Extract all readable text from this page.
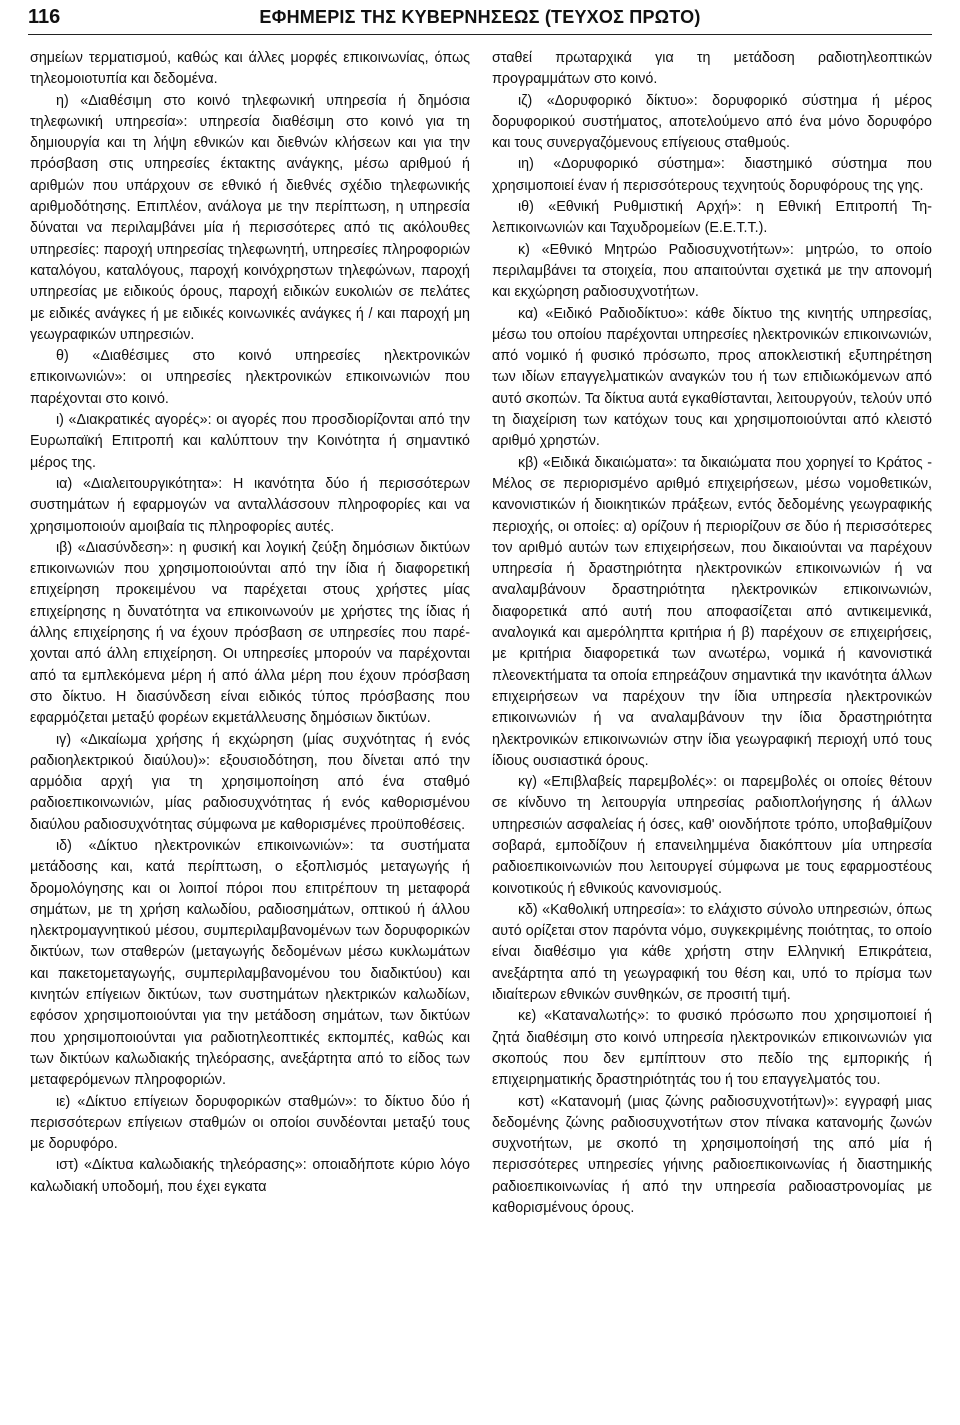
116	ΕΦΗΜΕΡΙΣ ΤΗΣ ΚΥΒΕΡΝΗΣΕΩΣ (ΤΕΥΧΟΣ ΠΡΩΤΟ)

σημείων τερματισμού, καθώς και άλλες μορφές επικοινωνίας, όπως τηλεομοιοτυπία και δεδομένα.

η) «Διαθέσιμη στο κοινό τηλεφωνική υπηρεσία ή δημόσια τηλεφωνική υπηρεσία»: υπηρεσία διαθέσιμη στο κοινό για τη δημιουργία και τη λήψη εθνικών και διεθνών κλήσεων και για την πρόσβαση στις υπηρεσίες έκτακτης ανάγκης, μέσω αριθμού ή αριθμών που υπάρχουν σε εθνικό ή διεθνές σχέδιο τηλεφωνικής αριθμοδότησης. Επιπλέον, ανάλογα με την περίπτωση, η υπηρεσία δύναται να περιλαμβάνει μία ή περισσότερες από τις ακόλουθες υπηρεσίες: παροχή υπηρεσίας τηλεφωνητή, υπηρεσίες πληροφοριών καταλόγου, καταλόγους, παροχή κοινόχρηστων τηλεφώνων, παροχή υπηρεσίας με ειδικούς όρους, παροχή ειδικών ευκολιών σε πελάτες με ειδικές ανάγκες ή με ειδικές κοινωνικές ανάγκες ή / και παροχή μη γεωγραφικών υπηρεσιών.

θ) «Διαθέσιμες στο κοινό υπηρεσίες ηλεκτρονικών επικοινωνιών»: οι υπηρεσίες ηλεκτρονικών επικοινωνιών που παρέχονται στο κοινό.

ι) «Διακρατικές αγορές»: οι αγορές που προσδιορίζονται από την Ευρωπαϊκή Επιτροπή και καλύπτουν την Κοινότητα ή σημαντικό μέρος της.

ια) «Διαλειτουργικότητα»: Η ικανότητα δύο ή περισσότερων συστημάτων ή εφαρμογών να ανταλλάσσουν πληροφορίες και να χρησιμοποιούν αμοιβαία τις πληροφορίες αυτές.

ιβ) «Διασύνδεση»: η φυσική και λογική ζεύξη δημόσιων δικτύων επικοινωνιών που χρησιμοποιούνται από την ίδια ή διαφορετική επιχείρηση προκειμένου να παρέχεται στους χρήστες μίας επιχείρησης η δυνατότητα να επικοινωνούν με χρήστες της ίδιας ή άλλης επιχείρησης ή να έχουν πρόσβαση σε υπηρεσίες που παρέχονται από άλλη επιχείρηση. Οι υπηρεσίες μπορούν να παρέχονται από τα εμπλεκόμενα μέρη ή από άλλα μέρη που έχουν πρόσβαση στο δίκτυο. Η διασύνδεση είναι ειδικός τύπος πρόσβασης που εφαρμόζεται μεταξύ φορέων εκμετάλλευσης δημόσιων δικτύων.

ιγ) «Δικαίωμα χρήσης ή εκχώρηση (μίας συχνότητας ή ενός ραδιοηλεκτρικού διαύλου)»: εξουσιοδότηση, που δίνεται από την αρμόδια αρχή για τη χρησιμοποίηση από ένα σταθμό ραδιοεπικοινωνιών, μίας ραδιοσυχνότητας ή ενός καθορισμένου διαύλου ραδιοσυχνότητας σύμφωνα με καθορισμένες προϋποθέσεις.

ιδ) «Δίκτυο ηλεκτρονικών επικοινωνιών»: τα συστήματα μετάδοσης και, κατά περίπτωση, ο εξοπλισμός μεταγωγής ή δρομολόγησης και οι λοιποί πόροι που επιτρέπουν τη μεταφορά σημάτων, με τη χρήση καλωδίου, ραδιοσημάτων, οπτικού ή άλλου ηλεκτρομαγνητικού μέσου, συμπεριλαμβανομένων των δορυφορικών δικτύων, των σταθερών (μεταγωγής δεδομένων μέσω κυκλωμάτων και πακετομεταγωγής, συμπεριλαμβανομένου του διαδικτύου) και κινητών επίγειων δικτύων, των συστημάτων ηλεκτρικών καλωδίων, εφόσον χρησιμοποιούνται για την μετάδοση σημάτων, των δικτύων που χρησιμοποιούνται για ραδιοτηλεοπτικές εκπομπές, καθώς και των δικτύων καλωδιακής τηλεόρασης, ανεξάρτητα από το είδος των μεταφερόμενων πληροφοριών.

ιε) «Δίκτυο επίγειων δορυφορικών σταθμών»: το δίκτυο δύο ή περισσότερων επίγειων σταθμών οι οποίοι συνδέονται μεταξύ τους με δορυφόρο.

ιστ) «Δίκτυα καλωδιακής τηλεόρασης»: οποιαδήποτε κύριο λόγο καλωδιακή υποδομή, που έχει εγκατα

σταθεί πρωταρχικά για τη μετάδοση ραδιοτηλεοπτικών προγραμμάτων στο κοινό.

ιζ) «Δορυφορικό δίκτυο»: δορυφορικό σύστημα ή μέρος δορυφορικού συστήματος, αποτελούμενο από ένα μόνο δορυφόρο και τους συνεργαζόμενους επίγειους σταθμούς.

ιη) «Δορυφορικό σύστημα»: διαστημικό σύστημα που χρησιμοποιεί έναν ή περισσότερους τεχνητούς δορυφόρους της γης.

ιθ) «Εθνική Ρυθμιστική Αρχή»: η Εθνική Επιτροπή Τηλεπικοινωνιών και Ταχυδρομείων (Ε.Ε.Τ.Τ.).

κ) «Εθνικό Μητρώο Ραδιοσυχνοτήτων»: μητρώο, το οποίο περιλαμβάνει τα στοιχεία, που απαιτούνται σχετικά με την απονομή και εκχώρηση ραδιοσυχνοτήτων.

κα) «Ειδικό Ραδιοδίκτυο»: κάθε δίκτυο της κινητής υπηρεσίας, μέσω του οποίου παρέχονται υπηρεσίες ηλεκτρονικών επικοινωνιών, από νομικό ή φυσικό πρόσωπο, προς αποκλειστική εξυπηρέτηση των ιδίων επαγγελματικών αναγκών του ή των επιδιωκόμενων από αυτό σκοπών. Τα δίκτυα αυτά εγκαθίστανται, λειτουργούν, τελούν υπό τη διαχείριση των κατόχων τους και χρησιμοποιούνται από κλειστό αριθμό χρηστών.

κβ) «Ειδικά δικαιώματα»: τα δικαιώματα που χορηγεί το Κράτος - Μέλος σε περιορισμένο αριθμό επιχειρήσεων, μέσω νομοθετικών, κανονιστικών ή διοικητικών πράξεων, εντός δεδομένης γεωγραφικής περιοχής, οι οποίες: α) ορίζουν ή περιορίζουν σε δύο ή περισσότερες τον αριθμό αυτών των επιχειρήσεων, που δικαιούνται να παρέχουν υπηρεσία ή δραστηριότητα ηλεκτρονικών επικοινωνιών ή να αναλαμβάνουν δραστηριότητα ηλεκτρονικών επικοινωνιών, διαφορετικά από αυτή που αποφασίζεται από αντικειμενικά, αναλογικά και αμερόληπτα κριτήρια ή β) παρέχουν σε επιχειρήσεις, με κριτήρια διαφορετικά των ανωτέρω, νομικά ή κανονιστικά πλεονεκτήματα τα οποία επηρεάζουν σημαντικά την ικανότητα άλλων επιχειρήσεων να παρέχουν την ίδια υπηρεσία ηλεκτρονικών επικοινωνιών ή να αναλαμβάνουν την ίδια δραστηριότητα ηλεκτρονικών επικοινωνιών στην ίδια γεωγραφική περιοχή υπό τους ίδιους ουσιαστικά όρους.

κγ) «Επιβλαβείς παρεμβολές»: οι παρεμβολές οι οποίες θέτουν σε κίνδυνο τη λειτουργία υπηρεσίας ραδιοπλοήγησης ή άλλων υπηρεσιών ασφαλείας ή όσες, καθ' οιονδήποτε τρόπο, υποβαθμίζουν σοβαρά, εμποδίζουν ή επανειλημμένα διακόπτουν μία υπηρεσία ραδιοεπικοινωνιών που λειτουργεί σύμφωνα με τους εφαρμοστέους κοινοτικούς ή εθνικούς κανονισμούς.

κδ) «Καθολική υπηρεσία»: το ελάχιστο σύνολο υπηρεσιών, όπως αυτό ορίζεται στον παρόντα νόμο, συγκεκριμένης ποιότητας, το οποίο είναι διαθέσιμο για κάθε χρήστη στην Ελληνική Επικράτεια, ανεξάρτητα από τη γεωγραφική του θέση και, υπό το πρίσμα των ιδιαίτερων εθνικών συνθηκών, σε προσιτή τιμή.

κε) «Καταναλωτής»: το φυσικό πρόσωπο που χρησιμοποιεί ή ζητά διαθέσιμη στο κοινό υπηρεσία ηλεκτρονικών επικοινωνιών για σκοπούς που δεν εμπίπτουν στο πεδίο της εμπορικής ή επιχειρηματικής δραστηριότητάς του ή του επαγγελματός του.

κστ) «Κατανομή (μιας ζώνης ραδιοσυχνοτήτων)»: εγγραφή μιας δεδομένης ζώνης ραδιοσυχνοτήτων στον πίνακα κατανομής ζωνών συχνοτήτων, με σκοπό τη χρησιμοποίησή της από μία ή περισσότερες υπηρεσίες γήινης ραδιοεπικοινωνίας ή διαστημικής ραδιοεπικοινωνίας ή από την υπηρεσία ραδιοαστρονομίας με καθορισμένους όρους.
